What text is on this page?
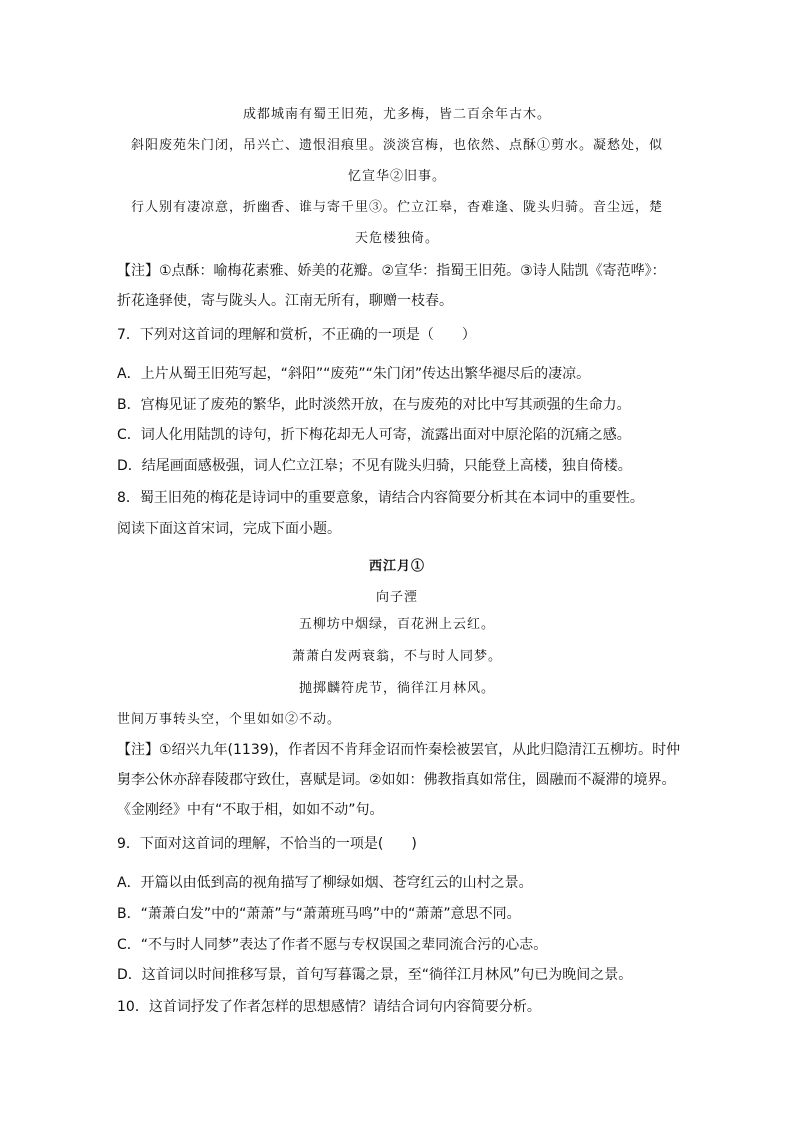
成都城南有蜀王旧苑，尤多梅，皆二百余年古木。
斜阳废苑朱门闭，吊兴亡、遗恨泪痕里。淡淡宫梅，也依然、点酥①剪水。凝愁处，似
忆宣华②旧事。
行人别有凄凉意，折幽香、谁与寄千里③。伫立江皋，杳难逢、陇头归骑。音尘远，楚
天危楼独倚。
【注】①点酥：喻梅花素雅、娇美的花瓣。②宣华：指蜀王旧苑。③诗人陆凯《寄范哗》：
折花逢驿使，寄与陇头人。江南无所有，聊赠一枝春。
7．下列对这首词的理解和赏析，不正确的一项是（　　）
A．上片从蜀王旧苑写起，“斜阳”“废苑”“朱门闭”传达出繁华褪尽后的凄凉。
B．宫梅见证了废苑的繁华，此时淡然开放，在与废苑的对比中写其顽强的生命力。
C．词人化用陆凯的诗句，折下梅花却无人可寄，流露出面对中原沦陷的沉痛之感。
D．结尾画面感极强，词人伫立江皋；不见有陇头归骑，只能登上高楼，独自倚楼。
8．蜀王旧苑的梅花是诗词中的重要意象，请结合内容简要分析其在本词中的重要性。
阅读下面这首宋词，完成下面小题。
西江月①
向子湮
五柳坊中烟绿，百花洲上云红。
萧萧白发两衰翁，不与时人同梦。
抛掷麟符虎节，徜徉江月林风。
世间万事转头空，个里如如②不动。
【注】①绍兴九年(1139)，作者因不肯拜金诏而忤秦桧被罢官，从此归隐清江五柳坊。时仲
舅李公休亦辞春陵郡守致仕，喜赋是词。②如如：佛教指真如常住，圆融而不凝滞的境界。
《金刚经》中有“不取于相，如如不动”句。
9．下面对这首词的理解，不恰当的一项是(　　)
A．开篇以由低到高的视角描写了柳绿如烟、苍穹红云的山村之景。
B．“萧萧白发”中的“萧萧”与“萧萧班马鸣”中的“萧萧”意思不同。
C．“不与时人同梦”表达了作者不愿与专权误国之辈同流合污的心志。
D．这首词以时间推移写景，首句写暮霭之景，至“徜徉江月林风”句已为晚间之景。
10．这首词抒发了作者怎样的思想感情？请结合词句内容简要分析。
